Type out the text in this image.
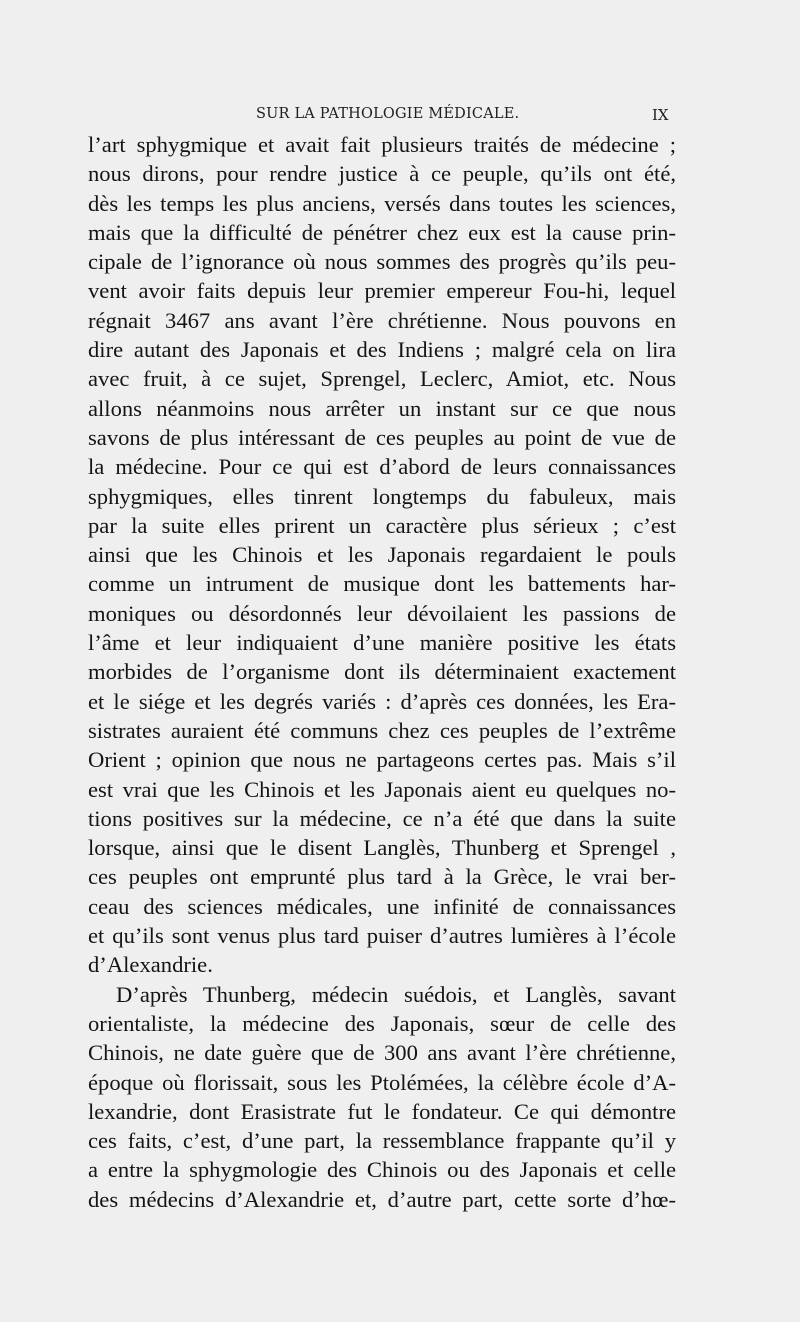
SUR LA PATHOLOGIE MÉDICALE.	IX
l’art sphygmique et avait fait plusieurs traités de médecine ;
nous dirons, pour rendre justice à ce peuple, qu’ils ont été,
dès les temps les plus anciens, versés dans toutes les sciences,
mais que la difficulté de pénétrer chez eux est la cause prin-
cipale de l’ignorance où nous sommes des progrès qu’ils peu-
vent avoir faits depuis leur premier empereur Fou-hi, lequel
régnait 3467 ans avant l’ère chrétienne. Nous pouvons en
dire autant des Japonais et des Indiens ; malgré cela on lira
avec fruit, à ce sujet, Sprengel, Leclerc, Amiot, etc. Nous
allons néanmoins nous arrêter un instant sur ce que nous
savons de plus intéressant de ces peuples au point de vue de
la médecine. Pour ce qui est d’abord de leurs connaissances
sphygmiques, elles tinrent longtemps du fabuleux, mais
par la suite elles prirent un caractère plus sérieux ; c’est
ainsi que les Chinois et les Japonais regardaient le pouls
comme un intrument de musique dont les battements har-
moniques ou désordonnés leur dévoilaient les passions de
l’âme et leur indiquaient d’une manière positive les états
morbides de l’organisme dont ils déterminaient exactement
et le siége et les degrés variés : d’après ces données, les Era-
sistrates auraient été communs chez ces peuples de l’extrême
Orient ; opinion que nous ne partageons certes pas. Mais s’il
est vrai que les Chinois et les Japonais aient eu quelques no-
tions positives sur la médecine, ce n’a été que dans la suite
lorsque, ainsi que le disent Langlès, Thunberg et Sprengel ,
ces peuples ont emprunté plus tard à la Grèce, le vrai ber-
ceau des sciences médicales, une infinité de connaissances
et qu’ils sont venus plus tard puiser d’autres lumières à l’école
d’Alexandrie.
D’après Thunberg, médecin suédois, et Langlès, savant
orientaliste, la médecine des Japonais, sœur de celle des
Chinois, ne date guère que de 300 ans avant l’ère chrétienne,
époque où florissait, sous les Ptolémées, la célèbre école d’A-
lexandrie, dont Erasistrate fut le fondateur. Ce qui démontre
ces faits, c’est, d’une part, la ressemblance frappante qu’il y
a entre la sphygmologie des Chinois ou des Japonais et celle
des médecins d’Alexandrie et, d’autre part, cette sorte d’hœ-
